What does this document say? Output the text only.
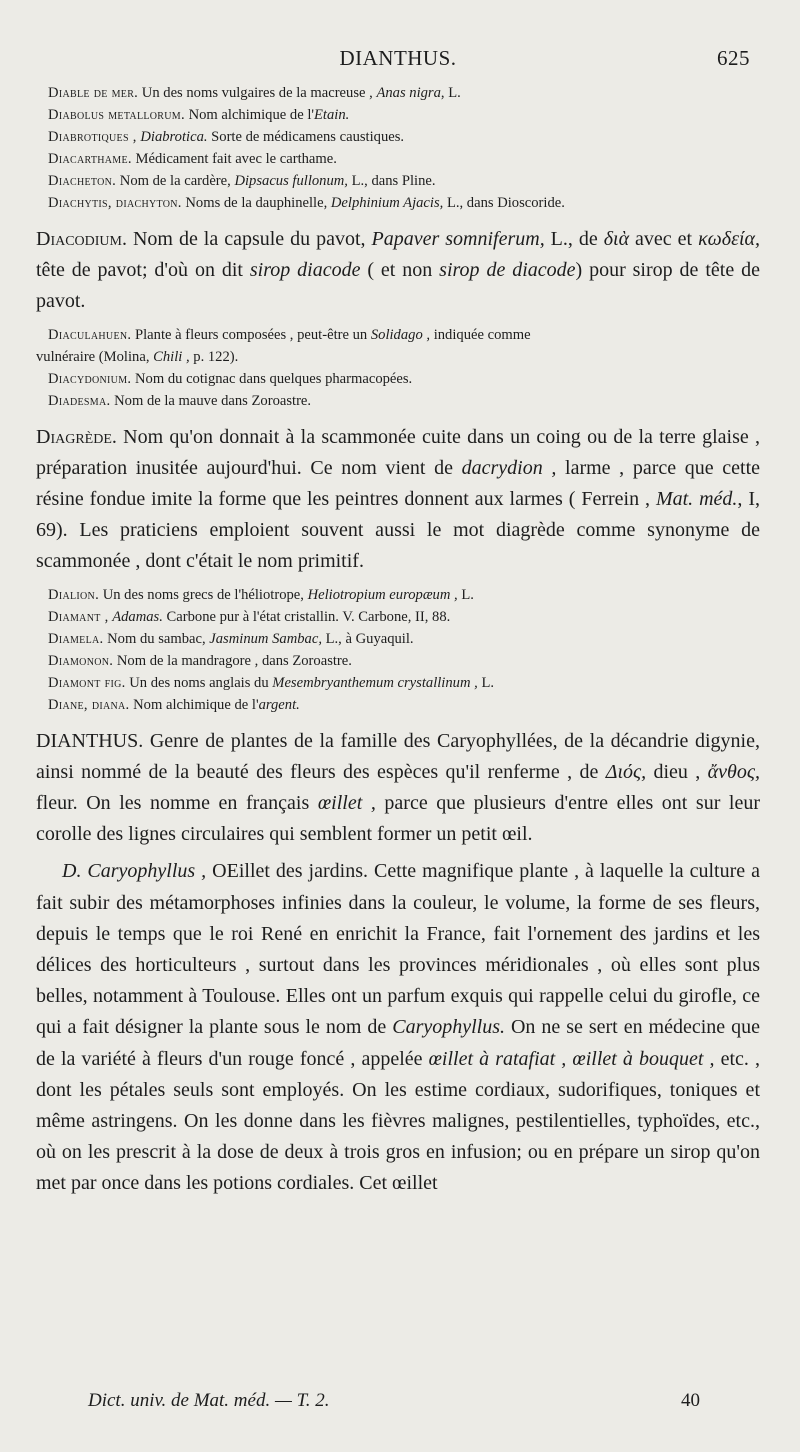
DIANTHUS.	625

Diable de mer. Un des noms vulgaires de la macreuse , Anas nigra, L.

Diabolus metallorum. Nom alchimique de l'Etain.

Diabrotiques , Diabrotica. Sorte de médicamens caustiques.

Diacarthame. Médicament fait avec le carthame.

Diacheton. Nom de la cardère, Dipsacus fullonum, L., dans Pline.

Diachytis, diachyton. Noms de la dauphinelle, Delphinium Ajacis, L., dans Dioscoride.

Diacodium. Nom de la capsule du pavot, Papaver somniferum, L., de διὰ avec et κωδεία, tête de pavot; d'où on dit sirop diacode ( et non sirop de diacode) pour sirop de tête de pavot.

Diaculahuen. Plante à fleurs composées , peut-être un Solidago , indiquée comme

vulnéraire (Molina, Chili , p. 122).

Diacydonium. Nom du cotignac dans quelques pharmacopées.

Diadesma. Nom de la mauve dans Zoroastre.

Diagrède. Nom qu'on donnait à la scammonée cuite dans un coing ou de la terre glaise , préparation inusitée aujourd'hui. Ce nom vient de dacrydion , larme , parce que cette résine fondue imite la forme que les peintres donnent aux larmes ( Ferrein , Mat. méd., I, 69). Les praticiens emploient souvent aussi le mot diagrède comme synonyme de scammonée , dont c'était le nom primitif.

Dialion. Un des noms grecs de l'héliotrope, Heliotropium europæum , L.

Diamant , Adamas. Carbone pur à l'état cristallin. V. Carbone, II, 88.

Diamela. Nom du sambac, Jasminum Sambac, L., à Guyaquil.

Diamonon. Nom de la mandragore , dans Zoroastre.

Diamont fig. Un des noms anglais du Mesembryanthemum crystallinum , L.

Diane, diana. Nom alchimique de l'argent.

DIANTHUS. Genre de plantes de la famille des Caryophyllées, de la décandrie digynie, ainsi nommé de la beauté des fleurs des espèces qu'il renferme , de Διός, dieu , ἄνθος, fleur. On les nomme en français œillet , parce que plusieurs d'entre elles ont sur leur corolle des lignes circulaires qui semblent former un petit œil.

D. Caryophyllus , OEillet des jardins. Cette magnifique plante , à laquelle la culture a fait subir des métamorphoses infinies dans la couleur, le volume, la forme de ses fleurs, depuis le temps que le roi René en enrichit la France, fait l'ornement des jardins et les délices des horticulteurs , surtout dans les provinces méridionales , où elles sont plus belles, notamment à Toulouse. Elles ont un parfum exquis qui rappelle celui du girofle, ce qui a fait désigner la plante sous le nom de Caryophyllus. On ne se sert en médecine que de la variété à fleurs d'un rouge foncé , appelée œillet à ratafiat , œillet à bouquet , etc. , dont les pétales seuls sont employés. On les estime cordiaux, sudorifiques, toniques et même astringens. On les donne dans les fièvres malignes, pestilentielles, typhoïdes, etc., où on les prescrit à la dose de deux à trois gros en infusion; ou en prépare un sirop qu'on met par once dans les potions cordiales. Cet œillet

Dict. univ. de Mat. méd. — T. 2.	40
